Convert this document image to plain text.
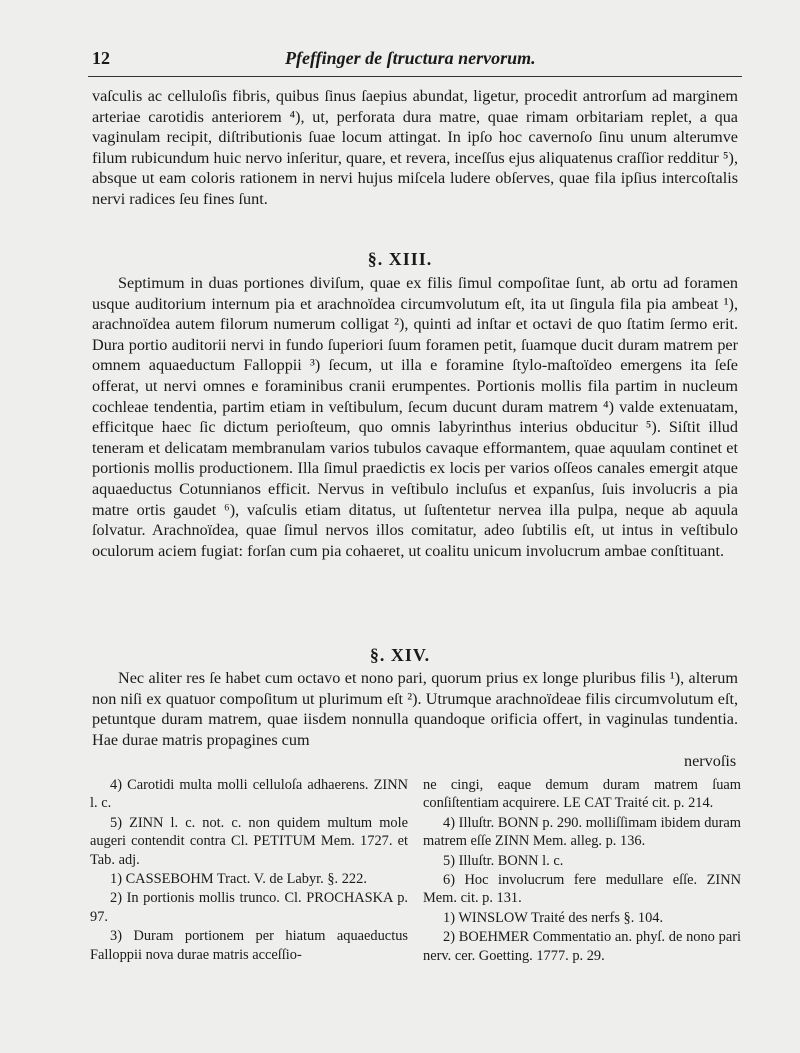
12	Pfeffinger de ſtructura nervorum.

vaſculis ac celluloſis fibris, quibus ſinus ſaepius abundat, ligetur, procedit antrorſum ad marginem arteriae carotidis anteriorem ⁴), ut, perforata dura matre, quae rimam orbitariam replet, a qua vaginulam recipit, diſtributionis ſuae locum attingat. In ipſo hoc cavernoſo ſinu unum alterumve filum rubicundum huic nervo inſeritur, quare, et revera, inceſſus ejus aliquatenus craſſior redditur ⁵), absque ut eam coloris rationem in nervi hujus miſcela ludere obſerves, quae fila ipſius intercoſtalis nervi radices ſeu fines ſunt.

§. XIII.

Septimum in duas portiones diviſum, quae ex filis ſimul compoſitae ſunt, ab ortu ad foramen usque auditorium internum pia et arachnoïdea circumvolutum eſt, ita ut ſingula fila pia ambeat ¹), arachnoïdea autem filorum numerum colligat ²), quinti ad inſtar et octavi de quo ſtatim ſermo erit. Dura portio auditorii nervi in fundo ſuperiori ſuum foramen petit, ſuamque ducit duram matrem per omnem aquaeductum Falloppii ³) ſecum, ut illa e foramine ſtylo-maſtoïdeo emergens ita ſeſe offerat, ut nervi omnes e foraminibus cranii erumpentes. Portionis mollis fila partim in nucleum cochleae tendentia, partim etiam in veſtibulum, ſecum ducunt duram matrem ⁴) valde extenuatam, efficitque haec ſic dictum perioſteum, quo omnis labyrinthus interius obducitur ⁵). Siſtit illud teneram et delicatam membranulam varios tubulos cavaque efformantem, quae aquulam continet et portionis mollis productionem. Illa ſimul praedictis ex locis per varios oſſeos canales emergit atque aquaeductus Cotunnianos efficit. Nervus in veſtibulo incluſus et expanſus, ſuis involucris a pia matre ortis gaudet ⁶), vaſculis etiam ditatus, ut ſuſtentetur nervea illa pulpa, neque ab aquula ſolvatur. Arachnoïdea, quae ſimul nervos illos comitatur, adeo ſubtilis eſt, ut intus in veſtibulo oculorum aciem fugiat: forſan cum pia cohaeret, ut coalitu unicum involucrum ambae conſtituant.

§. XIV.

Nec aliter res ſe habet cum octavo et nono pari, quorum prius ex longe pluribus filis ¹), alterum non niſi ex quatuor compoſitum ut plurimum eſt ²). Utrumque arachnoïdeae filis circumvolutum eſt, petuntque duram matrem, quae iisdem nonnulla quandoque orificia offert, in vaginulas tundentia. Hae durae matris propagines cum

nervoſis

4) Carotidi multa molli celluloſa adhaerens. ZINN l. c.

5) ZINN l. c. not. c. non quidem multum mole augeri contendit contra Cl. PETITUM Mem. 1727. et Tab. adj.

1) CASSEBOHM Tract. V. de Labyr. §. 222.

2) In portionis mollis trunco. Cl. PROCHASKA p. 97.

3) Duram portionem per hiatum aquaeductus Falloppii nova durae matris acceſſio-

ne cingi, eaque demum duram matrem ſuam conſiſtentiam acquirere. LE CAT Traité cit. p. 214.

4) Illuſtr. BONN p. 290. molliſſimam ibidem duram matrem eſſe ZINN Mem. alleg. p. 136.

5) Illuſtr. BONN l. c.

6) Hoc involucrum fere medullare eſſe. ZINN Mem. cit. p. 131.

1) WINSLOW Traité des nerfs §. 104.

2) BOEHMER Commentatio an. phyſ. de nono pari nerv. cer. Goetting. 1777. p. 29.
